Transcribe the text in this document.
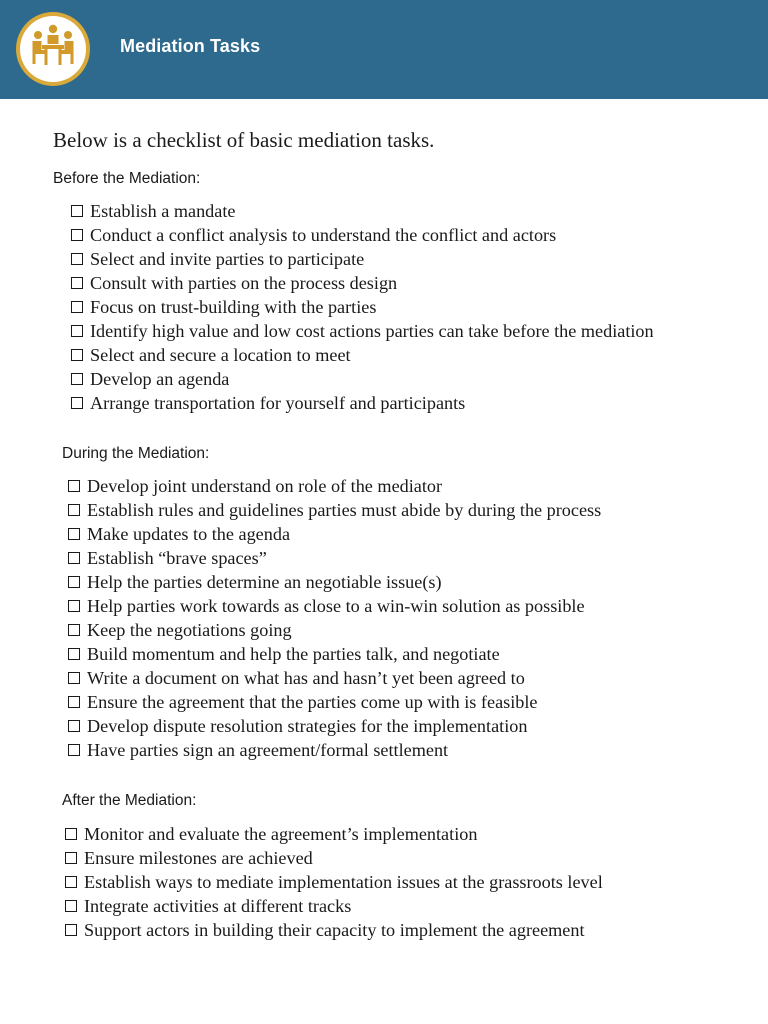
Mediation Tasks
Below is a checklist of basic mediation tasks.
Before the Mediation:
Establish a mandate
Conduct a conflict analysis to understand the conflict and actors
Select and invite parties to participate
Consult with parties on the process design
Focus on trust-building with the parties
Identify high value and low cost actions parties can take before the mediation
Select and secure a location to meet
Develop an agenda
Arrange transportation for yourself and participants
During the Mediation:
Develop joint understand on role of the mediator
Establish rules and guidelines parties must abide by during the process
Make updates to the agenda
Establish “brave spaces”
Help the parties determine an negotiable issue(s)
Help parties work towards as close to a win-win solution as possible
Keep the negotiations going
Build momentum and help the parties talk, and negotiate
Write a document on what has and hasn’t yet been agreed to
Ensure the agreement that the parties come up with is feasible
Develop dispute resolution strategies for the implementation
Have parties sign an agreement/formal settlement
After the Mediation:
Monitor and evaluate the agreement’s implementation
Ensure milestones are achieved
Establish ways to mediate implementation issues at the grassroots level
Integrate activities at different tracks
Support actors in building their capacity to implement the agreement
